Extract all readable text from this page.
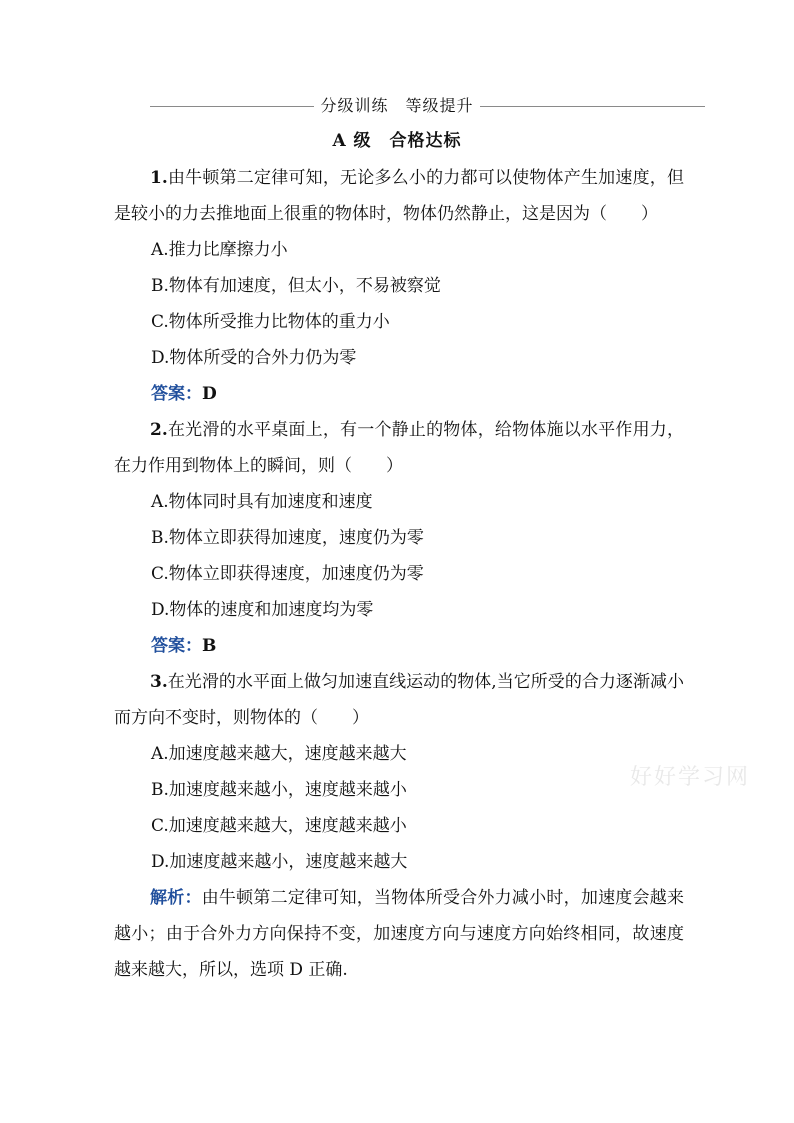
分级训练　等级提升
A 级　合格达标
好好学习网

1.由牛顿第二定律可知，无论多么小的力都可以使物体产生加速度，但是较小的力去推地面上很重的物体时，物体仍然静止，这是因为（　　）

A.推力比摩擦力小

B.物体有加速度，但太小，不易被察觉

C.物体所受推力比物体的重力小

D.物体所受的合外力仍为零

答案：D

2.在光滑的水平桌面上，有一个静止的物体，给物体施以水平作用力，在力作用到物体上的瞬间，则（　　）

A.物体同时具有加速度和速度

B.物体立即获得加速度，速度仍为零

C.物体立即获得速度，加速度仍为零

D.物体的速度和加速度均为零

答案：B

3.在光滑的水平面上做匀加速直线运动的物体,当它所受的合力逐渐减小而方向不变时，则物体的（　　）

A.加速度越来越大，速度越来越大

B.加速度越来越小，速度越来越小

C.加速度越来越大，速度越来越小

D.加速度越来越小，速度越来越大

解析：由牛顿第二定律可知，当物体所受合外力减小时，加速度会越来越小；由于合外力方向保持不变，加速度方向与速度方向始终相同，故速度越来越大，所以，选项 D 正确.
